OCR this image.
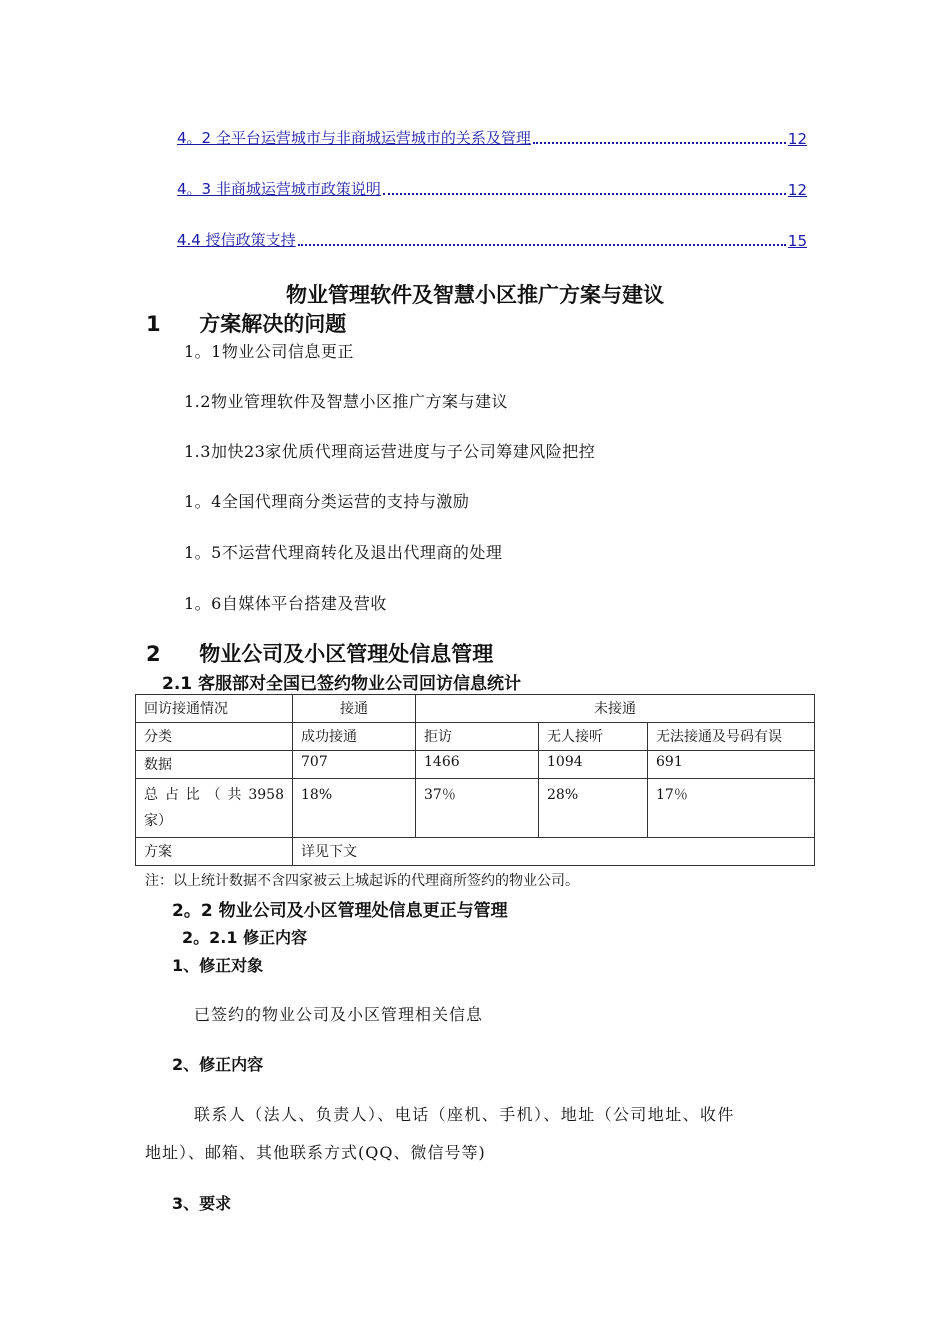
4。2 全平台运营城市与非商城运营城市的关系及管理	12
4。3 非商城运营城市政策说明	12
4.4 授信政策支持	15
物业管理软件及智慧小区推广方案与建议
1 方案解决的问题
1。1物业公司信息更正
1.2物业管理软件及智慧小区推广方案与建议
1.3加快23家优质代理商运营进度与子公司筹建风险把控
1。4全国代理商分类运营的支持与激励
1。5不运营代理商转化及退出代理商的处理
1。6自媒体平台搭建及营收
2 物业公司及小区管理处信息管理
2.1 客服部对全国已签约物业公司回访信息统计
回访接通情况	接通	未接通		
分类	成功接通	拒访	无人接听	无法接通及号码有误
数据	707	1466	1094	691
总 占 比 （ 共 3958 家）	18%	37％	28%	17％
方案	详见下文			
注：以上统计数据不含四家被云上城起诉的代理商所签约的物业公司。
2。2 物业公司及小区管理处信息更正与管理
2。2.1 修正内容
1、修正对象
已签约的物业公司及小区管理相关信息
2、修正内容
联系人（法人、负责人）、电话（座机、手机）、地址（公司地址、收件
地址）、邮箱、其他联系方式(QQ、微信号等)
3、要求
